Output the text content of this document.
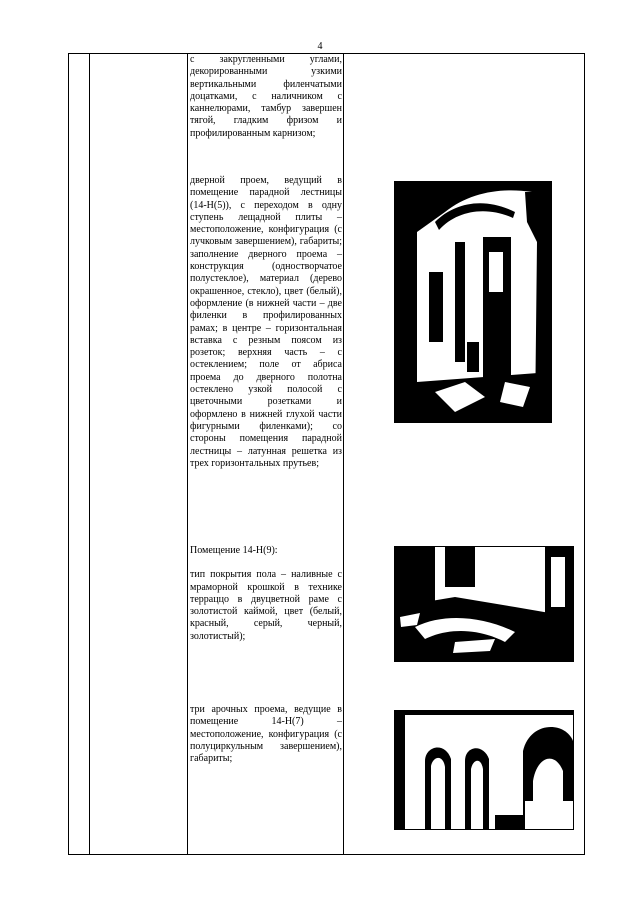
4

с закругленными углами, декорированными узкими вертикальными филенчатыми доцатками, с наличником с каннелюрами, тамбур завершен тягой, гладким фризом и профилированным карнизом;

дверной проем, ведущий в помещение парадной лестницы (14-Н(5)), с переходом в одну ступень лещадной плиты – местоположение, конфигурация (с лучковым завершением), габариты; заполнение дверного проема – конструкция (одностворчатое полустеклое), материал (дерево окрашенное, стекло), цвет (белый), оформление (в нижней части – две филенки в профилированных рамах; в центре – горизонтальная вставка с резным поясом из розеток; верхняя часть – с остеклением; поле от абриса проема до дверного полотна остеклено узкой полосой с цветочными розетками и оформлено в нижней глухой части фигурными филенками); со стороны помещения парадной лестницы – латунная решетка из трех горизонтальных прутьев;

Помещение 14-Н(9):

тип покрытия пола – наливные с мраморной крошкой в технике терраццо в двуцветной раме с золотистой каймой, цвет (белый, красный, серый, черный, золотистый);

три арочных проема, ведущие в помещение 14-Н(7) – местоположение, конфигурация (с полуциркульным завершением), габариты;
